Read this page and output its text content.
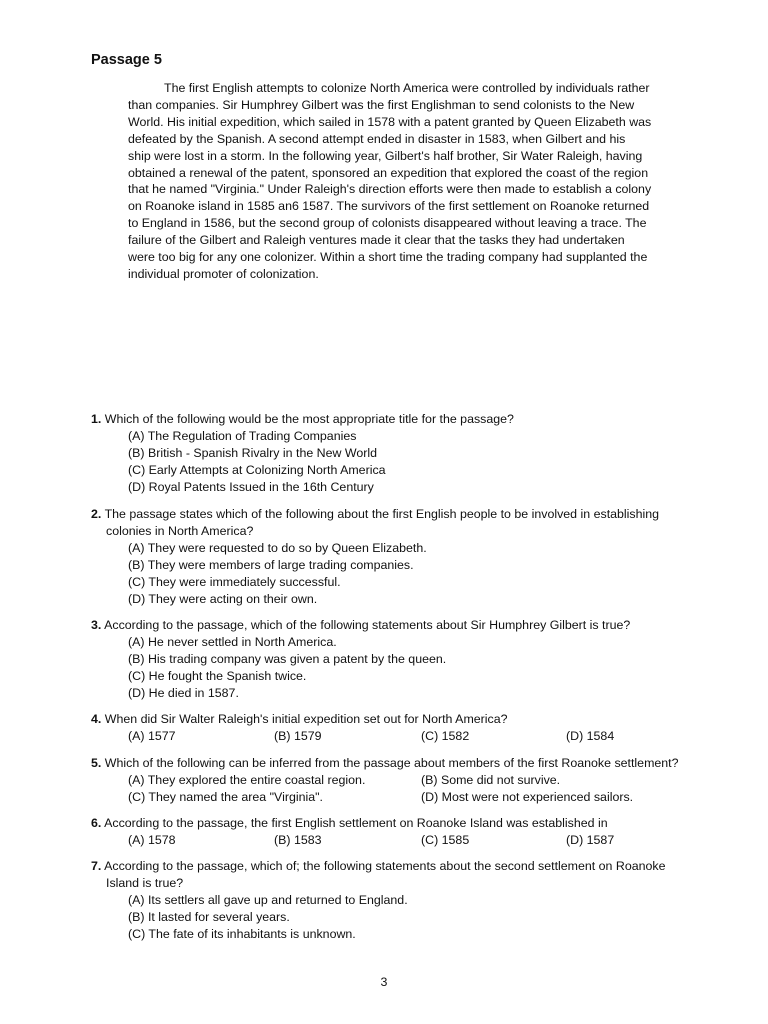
Passage 5
The first English attempts to colonize North America were controlled by individuals rather
than companies. Sir Humphrey Gilbert was the first Englishman to send colonists to the New
World. His initial expedition, which sailed in 1578 with a patent granted by Queen Elizabeth was
defeated by the Spanish. A second attempt ended in disaster in 1583, when Gilbert and his
ship were lost in a storm. In the following year, Gilbert's half brother, Sir Water Raleigh, having
obtained a renewal of the patent, sponsored an expedition that explored the coast of the region
that he named "Virginia." Under Raleigh's direction efforts were then made to establish a colony
on Roanoke island in 1585 an6 1587. The survivors of the first settlement on Roanoke returned
to England in 1586, but the second group of colonists disappeared without leaving a trace. The
failure of the Gilbert and Raleigh ventures made it clear that the tasks they had undertaken
were too big for any one colonizer. Within a short time the trading company had supplanted the
individual promoter of colonization.
1. Which of the following would be the most appropriate title for the passage?
(A) The Regulation of Trading Companies
(B) British - Spanish Rivalry in the New World
(C) Early Attempts at Colonizing North America
(D) Royal Patents Issued in the 16th Century
2. The passage states which of the following about the first English people to be involved in establishing
colonies in North America?
(A) They were requested to do so by Queen Elizabeth.
(B) They were members of large trading companies.
(C) They were immediately successful.
(D) They were acting on their own.
3. According to the passage, which of the following statements about Sir Humphrey Gilbert is true?
(A) He never settled in North America.
(B) His trading company was given a patent by the queen.
(C) He fought the Spanish twice.
(D) He died in 1587.
4. When did Sir Walter Raleigh's initial expedition set out for North America?
(A) 1577	(B) 1579	(C) 1582	(D) 1584
5. Which of the following can be inferred from the passage about members of the first Roanoke settlement?
(A) They explored the entire coastal region.	(B) Some did not survive.
(C) They named the area "Virginia".	(D) Most were not experienced sailors.
6. According to the passage, the first English settlement on Roanoke Island was established in
(A) 1578	(B) 1583	(C) 1585	(D) 1587
7. According to the passage, which of; the following statements about the second settlement on Roanoke
Island is true?
(A) Its settlers all gave up and returned to England.
(B) It lasted for several years.
(C) The fate of its inhabitants is unknown.
3
